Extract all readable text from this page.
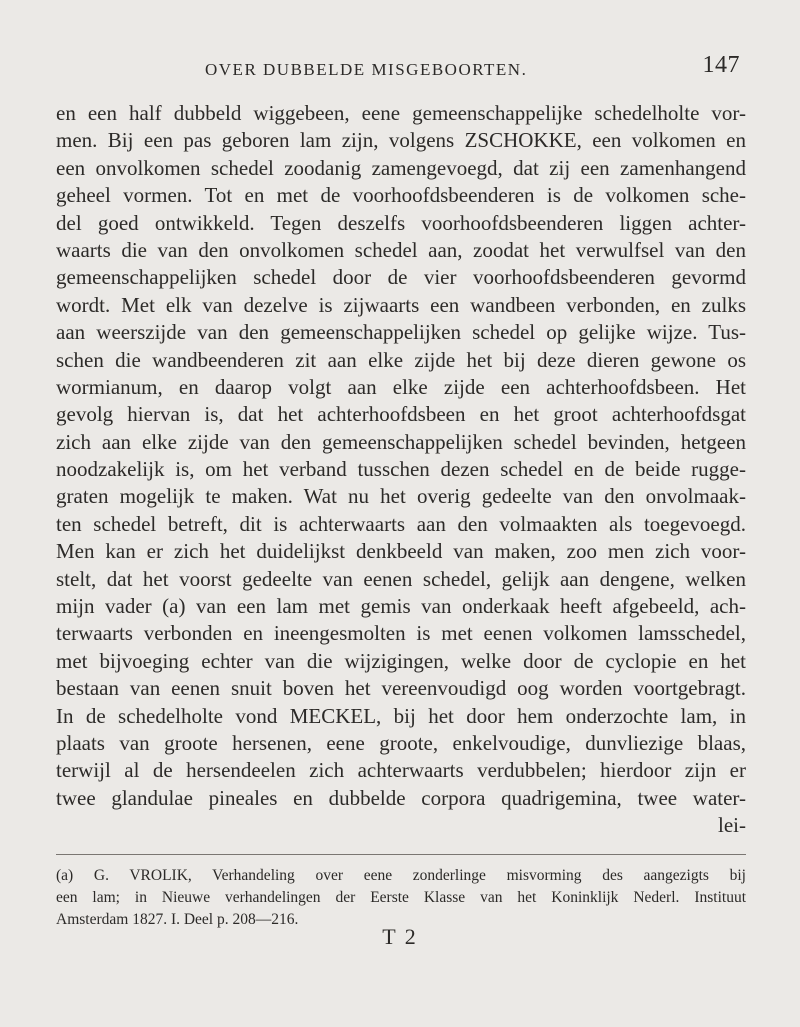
OVER DUBBELDE MISGEBOORTEN.	147
en een half dubbeld wiggebeen, eene gemeenschappelijke schedelholte vor-
men. Bij een pas geboren lam zijn, volgens ZSCHOKKE, een volkomen en
een onvolkomen schedel zoodanig zamengevoegd, dat zij een zamenhangend
geheel vormen. Tot en met de voorhoofdsbeenderen is de volkomen sche-
del goed ontwikkeld. Tegen deszelfs voorhoofdsbeenderen liggen achter-
waarts die van den onvolkomen schedel aan, zoodat het verwulfsel van den
gemeenschappelijken schedel door de vier voorhoofdsbeenderen gevormd
wordt. Met elk van dezelve is zijwaarts een wandbeen verbonden, en zulks
aan weerszijde van den gemeenschappelijken schedel op gelijke wijze. Tus-
schen die wandbeenderen zit aan elke zijde het bij deze dieren gewone os
wormianum, en daarop volgt aan elke zijde een achterhoofdsbeen. Het
gevolg hiervan is, dat het achterhoofdsbeen en het groot achterhoofdsgat
zich aan elke zijde van den gemeenschappelijken schedel bevinden, hetgeen
noodzakelijk is, om het verband tusschen dezen schedel en de beide rugge-
graten mogelijk te maken. Wat nu het overig gedeelte van den onvolmaak-
ten schedel betreft, dit is achterwaarts aan den volmaakten als toegevoegd.
Men kan er zich het duidelijkst denkbeeld van maken, zoo men zich voor-
stelt, dat het voorst gedeelte van eenen schedel, gelijk aan dengene, welken
mijn vader (a) van een lam met gemis van onderkaak heeft afgebeeld, ach-
terwaarts verbonden en ineengesmolten is met eenen volkomen lamsschedel,
met bijvoeging echter van die wijzigingen, welke door de cyclopie en het
bestaan van eenen snuit boven het vereenvoudigd oog worden voortgebragt.
In de schedelholte vond MECKEL, bij het door hem onderzochte lam, in
plaats van groote hersenen, eene groote, enkelvoudige, dunvliezige blaas,
terwijl al de hersendeelen zich achterwaarts verdubbelen; hierdoor zijn er
twee glandulae pineales en dubbelde corpora quadrigemina, twee water-
lei-
(a) G. VROLIK, Verhandeling over eene zonderlinge misvorming des aangezigts bij
een lam; in Nieuwe verhandelingen der Eerste Klasse van het Koninklijk Nederl. Instituut
Amsterdam 1827. I. Deel p. 208—216.
T 2
